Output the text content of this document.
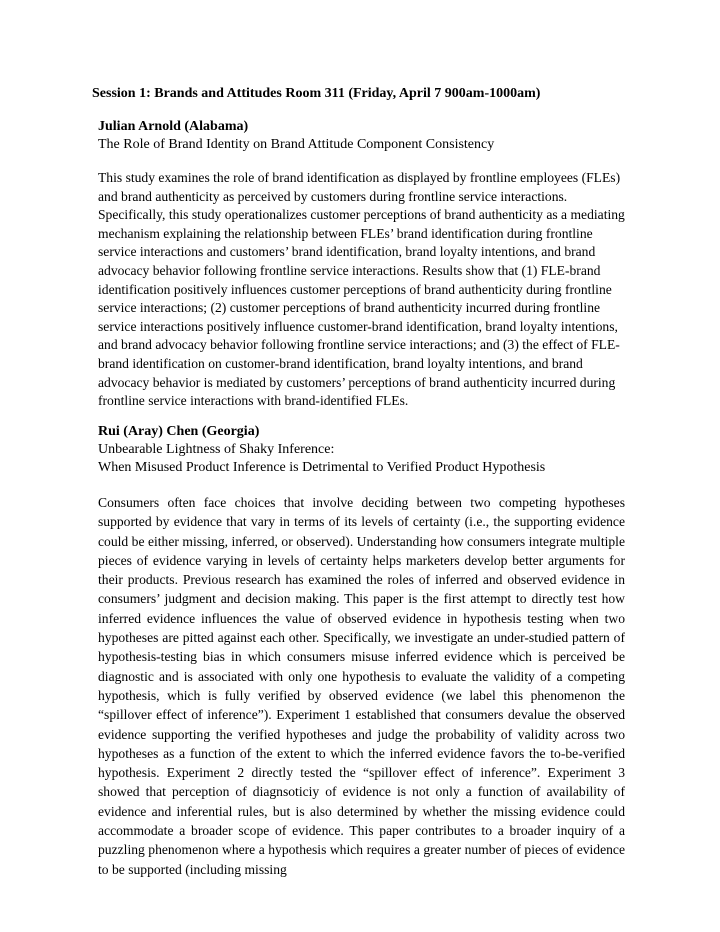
Session 1: Brands and Attitudes Room 311 (Friday, April 7 900am-1000am)

Julian Arnold (Alabama)

The Role of Brand Identity on Brand Attitude Component Consistency

This study examines the role of brand identification as displayed by frontline employees (FLEs) and brand authenticity as perceived by customers during frontline service interactions. Specifically, this study operationalizes customer perceptions of brand authenticity as a mediating mechanism explaining the relationship between FLEs’ brand identification during frontline service interactions and customers’ brand identification, brand loyalty intentions, and brand advocacy behavior following frontline service interactions. Results show that (1) FLE-brand identification positively influences customer perceptions of brand authenticity during frontline service interactions; (2) customer perceptions of brand authenticity incurred during frontline service interactions positively influence customer-brand identification, brand loyalty intentions, and brand advocacy behavior following frontline service interactions; and (3) the effect of FLE-brand identification on customer-brand identification, brand loyalty intentions, and brand advocacy behavior is mediated by customers’ perceptions of brand authenticity incurred during frontline service interactions with brand-identified FLEs.

Rui (Aray) Chen (Georgia)

Unbearable Lightness of Shaky Inference:

When Misused Product Inference is Detrimental to Verified Product Hypothesis

Consumers often face choices that involve deciding between two competing hypotheses supported by evidence that vary in terms of its levels of certainty (i.e., the supporting evidence could be either missing, inferred, or observed). Understanding how consumers integrate multiple pieces of evidence varying in levels of certainty helps marketers develop better arguments for their products. Previous research has examined the roles of inferred and observed evidence in consumers’ judgment and decision making. This paper is the first attempt to directly test how inferred evidence influences the value of observed evidence in hypothesis testing when two hypotheses are pitted against each other. Specifically, we investigate an under-studied pattern of hypothesis-testing bias in which consumers misuse inferred evidence which is perceived be diagnostic and is associated with only one hypothesis to evaluate the validity of a competing hypothesis, which is fully verified by observed evidence (we label this phenomenon the “spillover effect of inference”). Experiment 1 established that consumers devalue the observed evidence supporting the verified hypotheses and judge the probability of validity across two hypotheses as a function of the extent to which the inferred evidence favors the to-be-verified hypothesis. Experiment 2 directly tested the “spillover effect of inference”. Experiment 3 showed that perception of diagnsoticiy of evidence is not only a function of availability of evidence and inferential rules, but is also determined by whether the missing evidence could accommodate a broader scope of evidence. This paper contributes to a broader inquiry of a puzzling phenomenon where a hypothesis which requires a greater number of pieces of evidence to be supported (including missing
